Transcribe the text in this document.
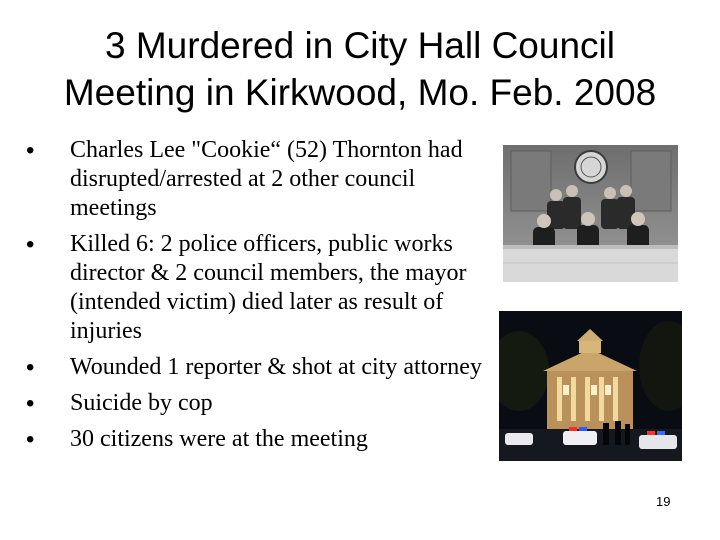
3 Murdered in City Hall Council
Meeting in Kirkwood, Mo. Feb. 2008
• Charles Lee "Cookie“ (52) Thornton had disrupted/arrested at 2 other council meetings
• Killed 6: 2 police officers, public works director & 2 council members, the mayor (intended victim) died later as result of injuries
• Wounded 1 reporter & shot at city attorney
• Suicide by cop
• 30 citizens were at the meeting
19
